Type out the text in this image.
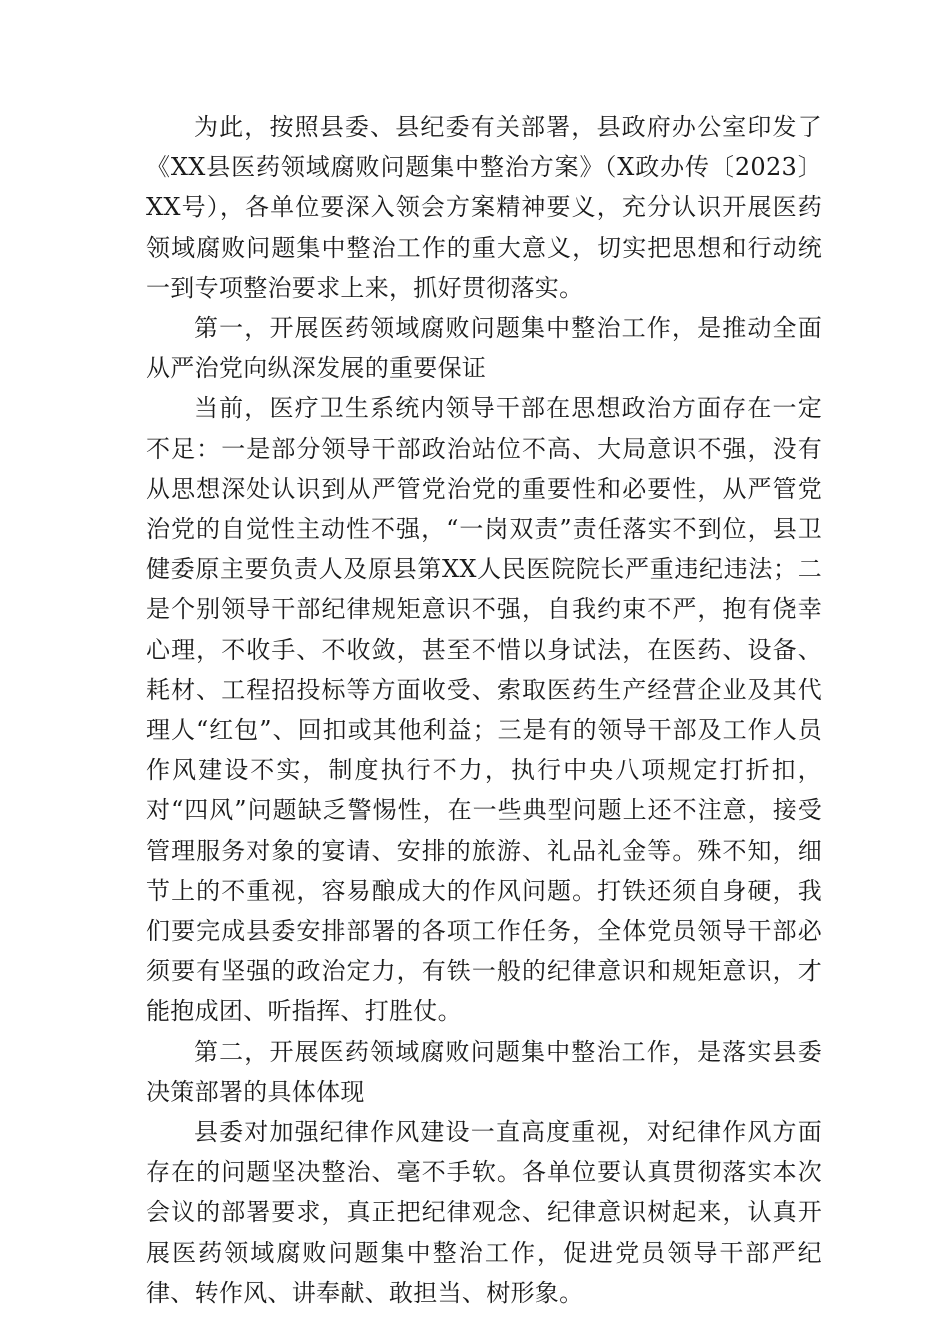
为此，按照县委、县纪委有关部署，县政府办公室印发了《XX县医药领域腐败问题集中整治方案》（X政办传〔2023〕XX号），各单位要深入领会方案精神要义，充分认识开展医药领域腐败问题集中整治工作的重大意义，切实把思想和行动统一到专项整治要求上来，抓好贯彻落实。

第一，开展医药领域腐败问题集中整治工作，是推动全面从严治党向纵深发展的重要保证

当前，医疗卫生系统内领导干部在思想政治方面存在一定不足：一是部分领导干部政治站位不高、大局意识不强，没有从思想深处认识到从严管党治党的重要性和必要性，从严管党治党的自觉性主动性不强，“一岗双责”责任落实不到位，县卫健委原主要负责人及原县第XX人民医院院长严重违纪违法；二是个别领导干部纪律规矩意识不强，自我约束不严，抱有侥幸心理，不收手、不收敛，甚至不惜以身试法，在医药、设备、耗材、工程招投标等方面收受、索取医药生产经营企业及其代理人“红包”、回扣或其他利益；三是有的领导干部及工作人员作风建设不实，制度执行不力，执行中央八项规定打折扣，对“四风”问题缺乏警惕性，在一些典型问题上还不注意，接受管理服务对象的宴请、安排的旅游、礼品礼金等。殊不知，细节上的不重视，容易酿成大的作风问题。打铁还须自身硬，我们要完成县委安排部署的各项工作任务，全体党员领导干部必须要有坚强的政治定力，有铁一般的纪律意识和规矩意识，才能抱成团、听指挥、打胜仗。

第二，开展医药领域腐败问题集中整治工作，是落实县委决策部署的具体体现

县委对加强纪律作风建设一直高度重视，对纪律作风方面存在的问题坚决整治、毫不手软。各单位要认真贯彻落实本次会议的部署要求，真正把纪律观念、纪律意识树起来，认真开展医药领域腐败问题集中整治工作，促进党员领导干部严纪律、转作风、讲奉献、敢担当、树形象。
